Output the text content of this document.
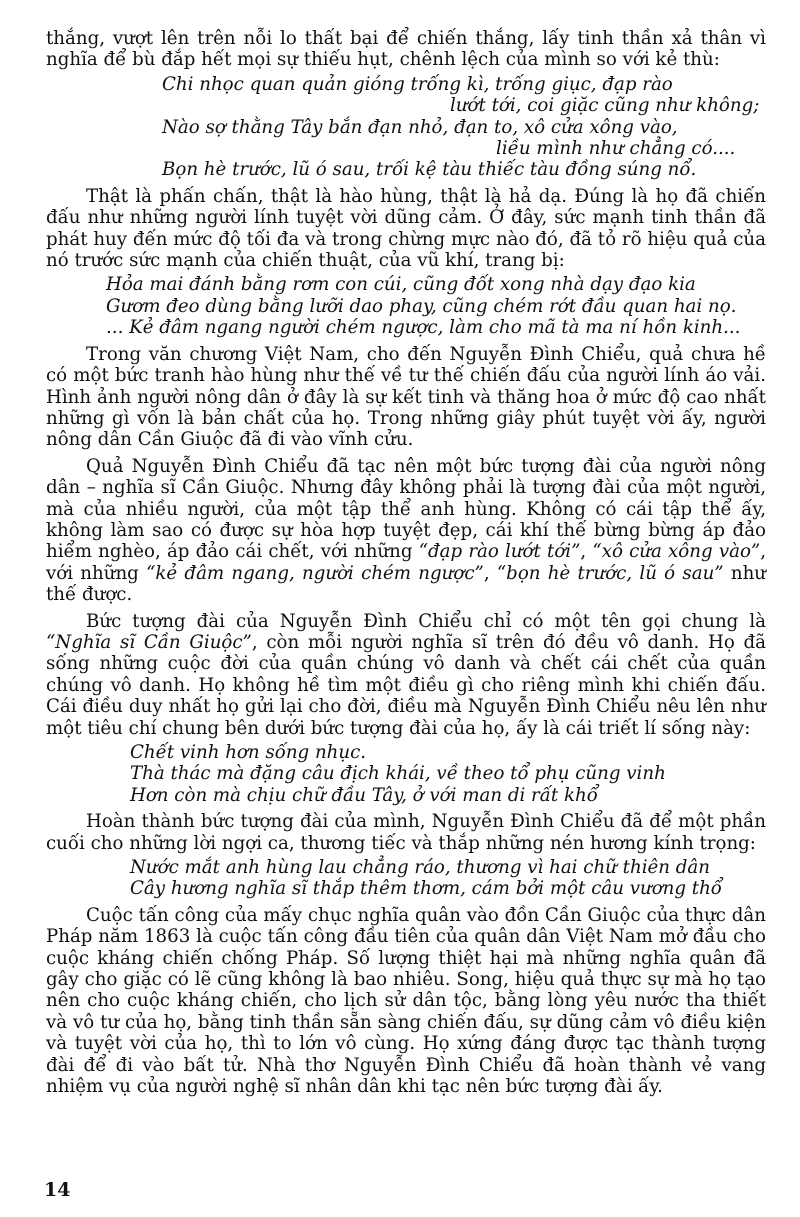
thắng, vượt lên trên nỗi lo thất bại để chiến thắng, lấy tinh thần xả thân vì nghĩa để bù đắp hết mọi sự thiếu hụt, chênh lệch của mình so với kẻ thù:

Chi nhọc quan quản gióng trống kì, trống giục, đạp rào
lướt tới, coi giặc cũng như không;
Nào sợ thằng Tây bắn đạn nhỏ, đạn to, xô cửa xông vào,
liều mình như chẳng có....
Bọn hè trước, lũ ó sau, trối kệ tàu thiếc tàu đồng súng nổ.

Thật là phấn chấn, thật là hào hùng, thật là hả dạ. Đúng là họ đã chiến đấu như những người lính tuyệt vời dũng cảm. Ở đây, sức mạnh tinh thần đã phát huy đến mức độ tối đa và trong chừng mực nào đó, đã tỏ rõ hiệu quả của nó trước sức mạnh của chiến thuật, của vũ khí, trang bị:

Hỏa mai đánh bằng rơm con cúi, cũng đốt xong nhà dạy đạo kia
Gươm đeo dùng bằng lưỡi dao phay, cũng chém rớt đầu quan hai nọ.
... Kẻ đâm ngang người chém ngược, làm cho mã tà ma ní hồn kinh...

Trong văn chương Việt Nam, cho đến Nguyễn Đình Chiểu, quả chưa hề có một bức tranh hào hùng như thế về tư thế chiến đấu của người lính áo vải. Hình ảnh người nông dân ở đây là sự kết tinh và thăng hoa ở mức độ cao nhất những gì vốn là bản chất của họ. Trong những giây phút tuyệt vời ấy, người nông dân Cần Giuộc đã đi vào vĩnh cửu.

Quả Nguyễn Đình Chiểu đã tạc nên một bức tượng đài của người nông dân – nghĩa sĩ Cần Giuộc. Nhưng đây không phải là tượng đài của một người, mà của nhiều người, của một tập thể anh hùng. Không có cái tập thể ấy, không làm sao có được sự hòa hợp tuyệt đẹp, cái khí thế bừng bừng áp đảo hiểm nghèo, áp đảo cái chết, với những “đạp rào lướt tới”, “xô cửa xông vào”, với những “kẻ đâm ngang, người chém ngược”, “bọn hè trước, lũ ó sau” như thế được.

Bức tượng đài của Nguyễn Đình Chiểu chỉ có một tên gọi chung là “Nghĩa sĩ Cần Giuộc”, còn mỗi người nghĩa sĩ trên đó đều vô danh. Họ đã sống những cuộc đời của quần chúng vô danh và chết cái chết của quần chúng vô danh. Họ không hề tìm một điều gì cho riêng mình khi chiến đấu. Cái điều duy nhất họ gửi lại cho đời, điều mà Nguyễn Đình Chiểu nêu lên như một tiêu chí chung bên dưới bức tượng đài của họ, ấy là cái triết lí sống này:

Chết vinh hơn sống nhục.
Thà thác mà đặng câu địch khái, về theo tổ phụ cũng vinh
Hơn còn mà chịu chữ đầu Tây, ở với man di rất khổ

Hoàn thành bức tượng đài của mình, Nguyễn Đình Chiểu đã để một phần cuối cho những lời ngợi ca, thương tiếc và thắp những nén hương kính trọng:

Nước mắt anh hùng lau chẳng ráo, thương vì hai chữ thiên dân
Cây hương nghĩa sĩ thắp thêm thơm, cám bởi một câu vương thổ

Cuộc tấn công của mấy chục nghĩa quân vào đồn Cần Giuộc của thực dân Pháp năm 1863 là cuộc tấn công đầu tiên của quân dân Việt Nam mở đầu cho cuộc kháng chiến chống Pháp. Số lượng thiệt hại mà những nghĩa quân đã gây cho giặc có lẽ cũng không là bao nhiêu. Song, hiệu quả thực sự mà họ tạo nên cho cuộc kháng chiến, cho lịch sử dân tộc, bằng lòng yêu nước tha thiết và vô tư của họ, bằng tinh thần sẵn sàng chiến đấu, sự dũng cảm vô điều kiện và tuyệt vời của họ, thì to lớn vô cùng. Họ xứng đáng được tạc thành tượng đài để đi vào bất tử. Nhà thơ Nguyễn Đình Chiểu đã hoàn thành vẻ vang nhiệm vụ của người nghệ sĩ nhân dân khi tạc nên bức tượng đài ấy.

14
